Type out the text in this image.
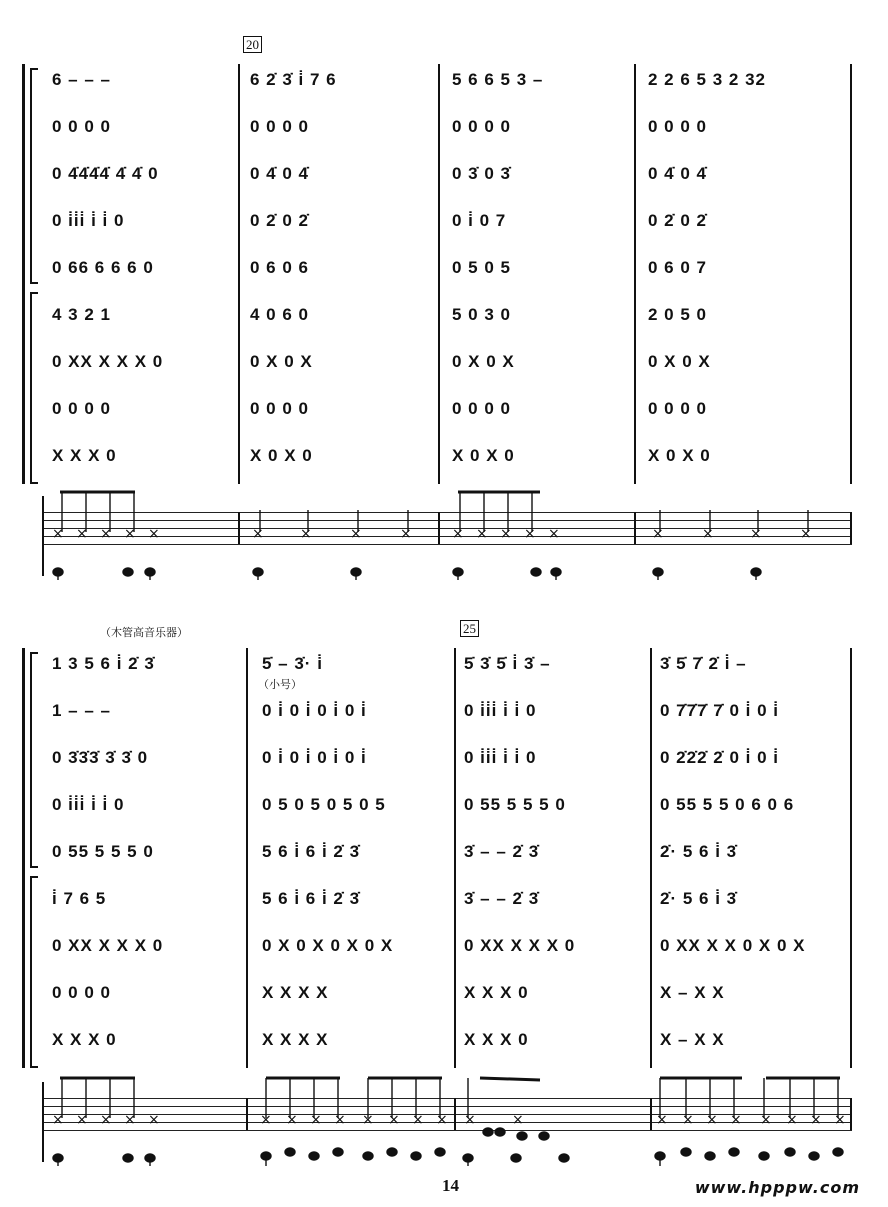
20
6 – – –	6 2̇ 3̇ i̇ 7 6	5 6 6 5 3 –	2 2 6 5 3 2 32
0 0 0 0	0 0 0 0	0 0 0 0	0 0 0 0
0 4̇4̇4̇4̇ 4̇ 4̇ 0	0 4̇ 0 4̇	0 3̇ 0 3̇	0 4̇ 0 4̇
0 i̇i̇i̇ i̇ i̇ 0	0 2̇ 0 2̇	0 i̇ 0 7	0 2̇ 0 2̇
0 66 6 6 6 0	0 6 0 6	0 5 0 5	0 6 0 7
4 3 2 1	4 0 6 0	5 0 3 0	2 0 5 0
0 XX X X X 0	0 X 0 X	0 X 0 X	0 X 0 X
0 0 0 0	0 0 0 0	0 0 0 0	0 0 0 0
X X X 0	X 0 X 0	X 0 X 0	X 0 X 0
× × × × ×	×	×	×	×	× × × × ×	×	×	×	×
（木管高音乐器）	25
（小号）
1 3 5 6 i̇ 2̇ 3̇	5̇ – 3̇· i̇	5̇ 3̇ 5̇ i̇ 3̇ –	3̇ 5̇ 7̇ 2̇ i̇ –
1 – – –	0 i̇ 0 i̇ 0 i̇ 0 i̇	0 i̇i̇i̇ i̇ i̇ 0	0 7̇7̇7̇ 7̇ 0 i̇ 0 i̇
0 3̇3̇3̇ 3̇ 3̇ 0	0 i̇ 0 i̇ 0 i̇ 0 i̇	0 i̇i̇i̇ i̇ i̇ 0	0 2̇2̇2̇ 2̇ 0 i̇ 0 i̇
0 i̇i̇i̇ i̇ i̇ 0	0 5 0 5 0 5 0 5	0 55 5 5 5 0	0 55 5 5 0 6 0 6
0 55 5 5 5 0	5 6 i̇ 6 i̇ 2̇ 3̇	3̇ – – 2̇ 3̇	2̇· 5 6 i̇ 3̇
i̇ 7 6 5	5 6 i̇ 6 i̇ 2̇ 3̇	3̇ – – 2̇ 3̇	2̇· 5 6 i̇ 3̇
0 XX X X X 0	0 X 0 X 0 X 0 X	0 XX X X X 0	0 XX X X 0 X 0 X
0 0 0 0	X X X X	X X X 0	X – X X
X X X 0	X X X X	X X X 0	X – X X
× × × × ×	× × × × × × × × ×	×	× × × × × × × ×
14	www.hpppw.com
